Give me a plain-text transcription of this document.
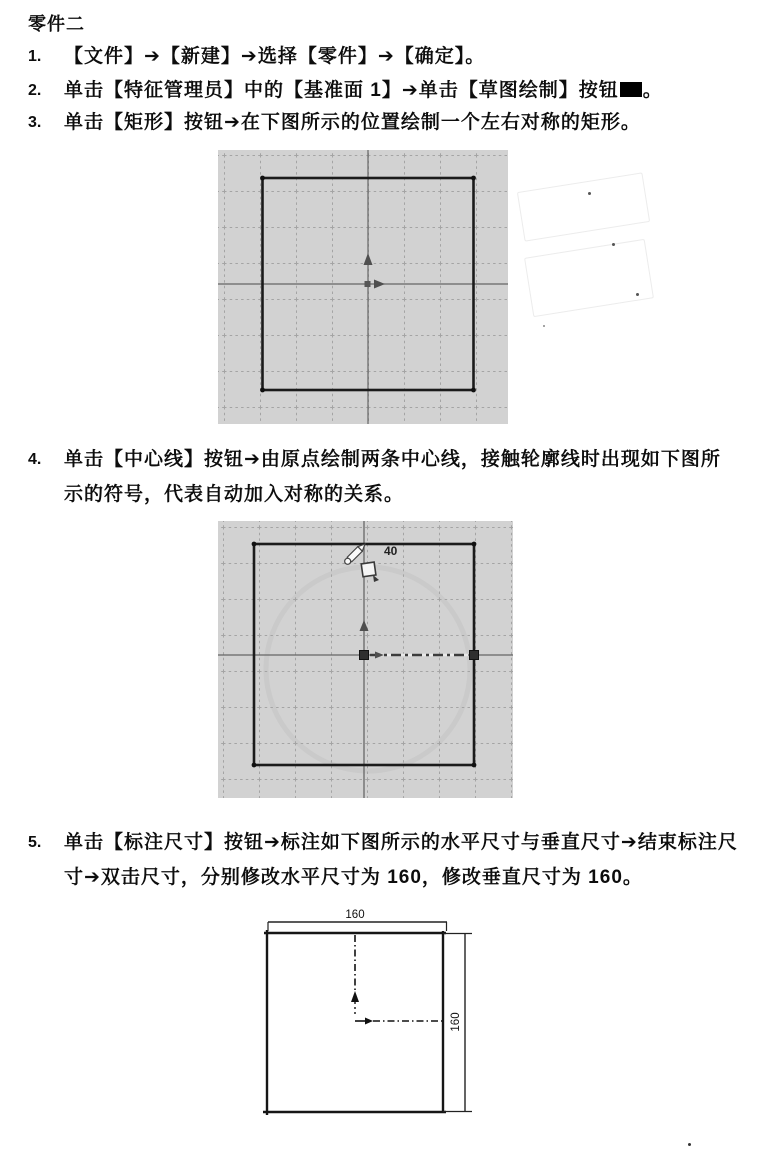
零件二
1.	【文件】➔【新建】➔选择【零件】➔【确定】。
2.	单击【特征管理员】中的【基准面 1】➔单击【草图绘制】按钮 。
3.	单击【矩形】按钮➔在下图所示的位置绘制一个左右对称的矩形。
4.	单击【中心线】按钮➔由原点绘制两条中心线，接触轮廓线时出现如下图所示的符号，代表自动加入对称的关系。
40
5.	单击【标注尺寸】按钮➔标注如下图所示的水平尺寸与垂直尺寸➔结束标注尺寸➔双击尺寸，分别修改水平尺寸为 160，修改垂直尺寸为 160。
160
160
